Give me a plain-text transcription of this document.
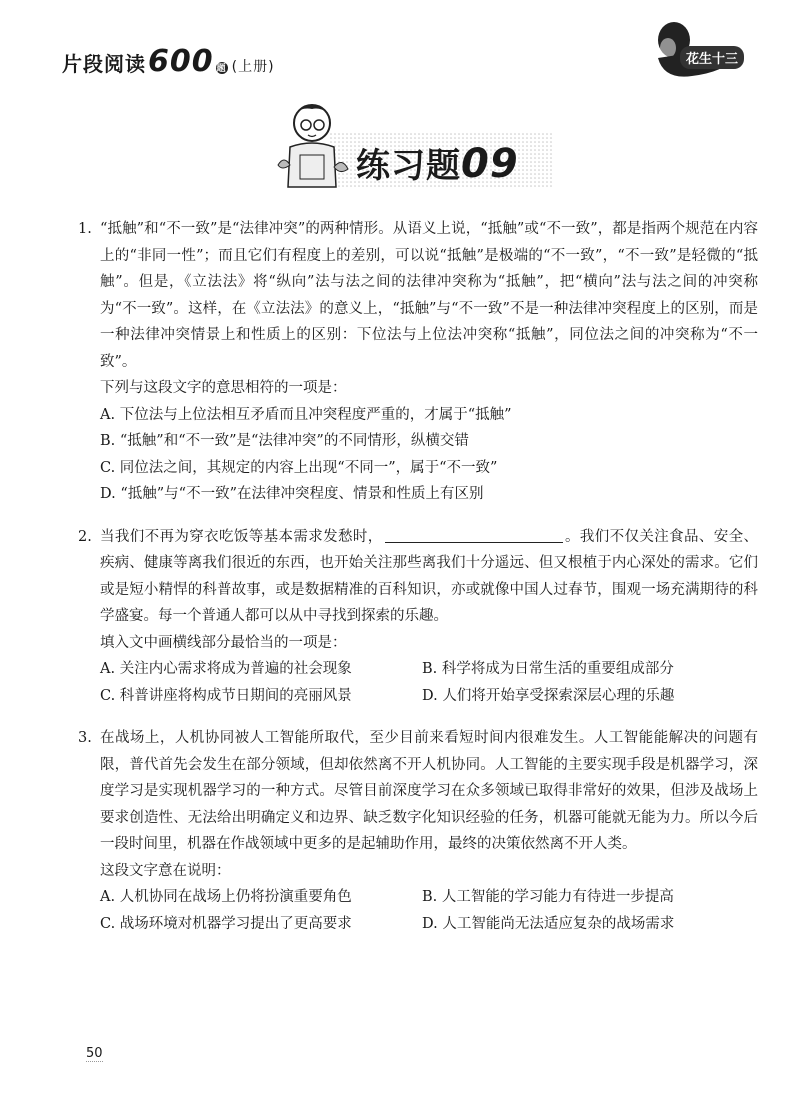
片段阅读 600 题 (上册)	花生十三
练习题09
1. “抵触”和“不一致”是“法律冲突”的两种情形。从语义上说，“抵触”或“不一致”，都是指两个规范在内容上的“非同一性”；而且它们有程度上的差别，可以说“抵触”是极端的“不一致”，“不一致”是轻微的“抵触”。但是，《立法法》将“纵向”法与法之间的法律冲突称为“抵触”，把“横向”法与法之间的冲突称为“不一致”。这样，在《立法法》的意义上，“抵触”与“不一致”不是一种法律冲突程度上的区别，而是一种法律冲突情景上和性质上的区别：下位法与上位法冲突称“抵触”，同位法之间的冲突称为“不一致”。

下列与这段文字的意思相符的一项是：

A. 下位法与上位法相互矛盾而且冲突程度严重的，才属于“抵触”
B. “抵触”和“不一致”是“法律冲突”的不同情形，纵横交错
C. 同位法之间，其规定的内容上出现“不同一”，属于“不一致”
D. “抵触”与“不一致”在法律冲突程度、情景和性质上有区别
2. 当我们不再为穿衣吃饭等基本需求发愁时，	。我们不仅关注食品、安全、疾病、健康等离我们很近的东西，也开始关注那些离我们十分遥远、但又根植于内心深处的需求。它们或是短小精悍的科普故事，或是数据精准的百科知识，亦或就像中国人过春节，围观一场充满期待的科学盛宴。每一个普通人都可以从中寻找到探索的乐趣。

填入文中画横线部分最恰当的一项是：

A. 关注内心需求将成为普遍的社会现象	B. 科学将成为日常生活的重要组成部分
C. 科普讲座将构成节日期间的亮丽风景	D. 人们将开始享受探索深层心理的乐趣
3. 在战场上，人机协同被人工智能所取代，至少目前来看短时间内很难发生。人工智能能解决的问题有限，普代首先会发生在部分领域，但却依然离不开人机协同。人工智能的主要实现手段是机器学习，深度学习是实现机器学习的一种方式。尽管目前深度学习在众多领域已取得非常好的效果，但涉及战场上要求创造性、无法给出明确定义和边界、缺乏数字化知识经验的任务，机器可能就无能为力。所以今后一段时间里，机器在作战领域中更多的是起辅助作用，最终的决策依然离不开人类。

这段文字意在说明：

A. 人机协同在战场上仍将扮演重要角色	B. 人工智能的学习能力有待进一步提高
C. 战场环境对机器学习提出了更高要求	D. 人工智能尚无法适应复杂的战场需求
50
